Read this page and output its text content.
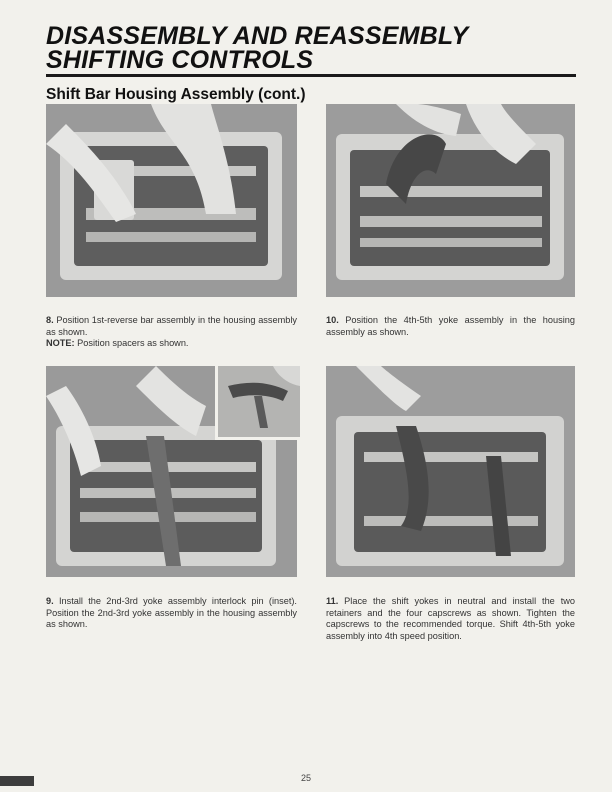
DISASSEMBLY AND REASSEMBLY
SHIFTING CONTROLS
Shift Bar Housing Assembly (cont.)
8. Position 1st-reverse bar assembly in the housing assembly as shown.
NOTE: Position spacers as shown.
10. Position the 4th-5th yoke assembly in the housing assembly as shown.
9. Install the 2nd-3rd yoke assembly interlock pin (inset). Position the 2nd-3rd yoke assembly in the housing assembly as shown.
11. Place the shift yokes in neutral and install the two retainers and the four capscrews as shown. Tighten the capscrews to the recommended torque. Shift 4th-5th yoke assembly into 4th speed position.
25
